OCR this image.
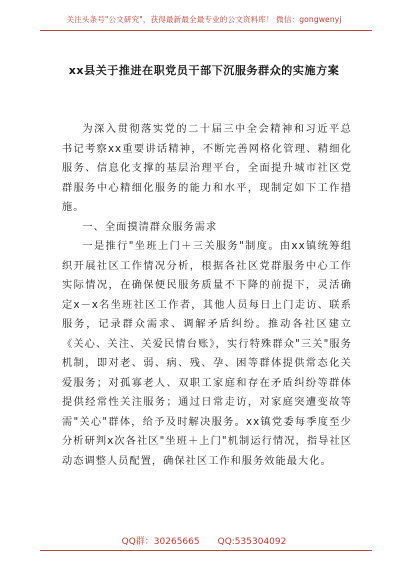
关注头条号"公文研究"，获得最新最全最专业的公文资料库！ 微信：gongwenyj
xx县关于推进在职党员干部下沉服务群众的实施方案

为深入贯彻落实党的二十届三中全会精神和习近平总书记考察xx重要讲话精神，不断完善网格化管理、精细化服务、信息化支撑的基层治理平台，全面提升城市社区党群服务中心精细化服务的能力和水平，现制定如下工作措施。

一、全面摸清群众服务需求

一是推行"坐班上门＋三关服务"制度。由xx镇统筹组织开展社区工作情况分析，根据各社区党群服务中心工作实际情况，在确保便民服务质量不下降的前提下，灵活确定x－x名坐班社区工作者，其他人员每日上门走访、联系服务，记录群众需求、调解矛盾纠纷。推动各社区建立《关心、关注、关爱民情台账》，实行特殊群众"三关"服务机制，即对老、弱、病、残、孕、困等群体提供常态化关爱服务；对孤寡老人、双职工家庭和存在矛盾纠纷等群体提供经常性关注服务；通过日常走访，对家庭突遭变故等需"关心"群体，给予及时解决服务。xx镇党委每季度至少分析研判x次各社区"坐班＋上门"机制运行情况，指导社区动态调整人员配置，确保社区工作和服务效能最大化。

QQ群：30265665 QQ:535304092
